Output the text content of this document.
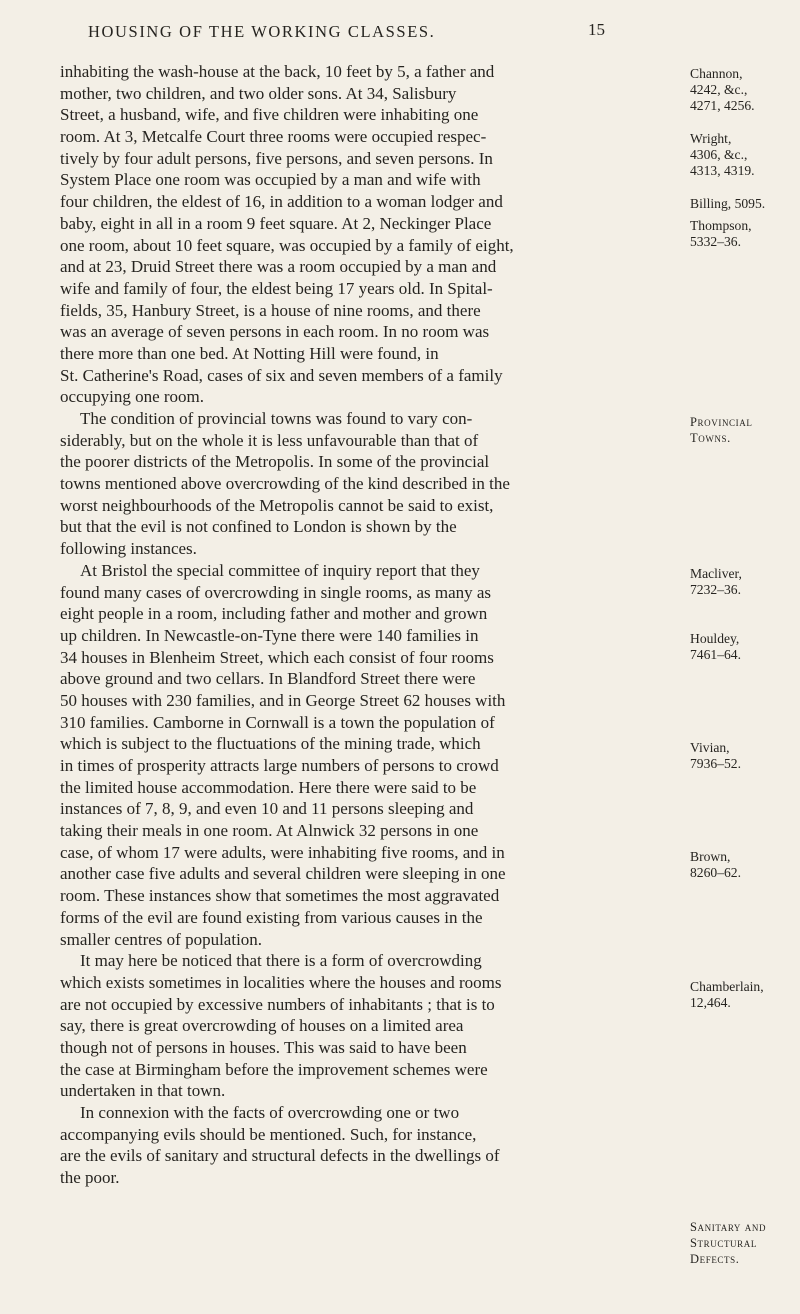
HOUSING OF THE WORKING CLASSES.	15
inhabiting the wash-house at the back, 10 feet by 5, a father and
mother, two children, and two older sons. At 34, Salisbury
Street, a husband, wife, and five children were inhabiting one
room. At 3, Metcalfe Court three rooms were occupied respec-
tively by four adult persons, five persons, and seven persons. In
System Place one room was occupied by a man and wife with
four children, the eldest of 16, in addition to a woman lodger and
baby, eight in all in a room 9 feet square. At 2, Neckinger Place
one room, about 10 feet square, was occupied by a family of eight,
and at 23, Druid Street there was a room occupied by a man and
wife and family of four, the eldest being 17 years old. In Spital-
fields, 35, Hanbury Street, is a house of nine rooms, and there
was an average of seven persons in each room. In no room was
there more than one bed. At Notting Hill were found, in
St. Catherine's Road, cases of six and seven members of a family
occupying one room.
The condition of provincial towns was found to vary con-
siderably, but on the whole it is less unfavourable than that of
the poorer districts of the Metropolis. In some of the provincial
towns mentioned above overcrowding of the kind described in the
worst neighbourhoods of the Metropolis cannot be said to exist,
but that the evil is not confined to London is shown by the
following instances.
At Bristol the special committee of inquiry report that they
found many cases of overcrowding in single rooms, as many as
eight people in a room, including father and mother and grown
up children. In Newcastle-on-Tyne there were 140 families in
34 houses in Blenheim Street, which each consist of four rooms
above ground and two cellars. In Blandford Street there were
50 houses with 230 families, and in George Street 62 houses with
310 families. Camborne in Cornwall is a town the population of
which is subject to the fluctuations of the mining trade, which
in times of prosperity attracts large numbers of persons to crowd
the limited house accommodation. Here there were said to be
instances of 7, 8, 9, and even 10 and 11 persons sleeping and
taking their meals in one room. At Alnwick 32 persons in one
case, of whom 17 were adults, were inhabiting five rooms, and in
another case five adults and several children were sleeping in one
room. These instances show that sometimes the most aggravated
forms of the evil are found existing from various causes in the
smaller centres of population.
It may here be noticed that there is a form of overcrowding
which exists sometimes in localities where the houses and rooms
are not occupied by excessive numbers of inhabitants ; that is to
say, there is great overcrowding of houses on a limited area
though not of persons in houses. This was said to have been
the case at Birmingham before the improvement schemes were
undertaken in that town.
In connexion with the facts of overcrowding one or two
accompanying evils should be mentioned. Such, for instance,
are the evils of sanitary and structural defects in the dwellings of
the poor.
Channon,
4242, &c.,
4271, 4256.
Wright,
4306, &c.,
4313, 4319.
Billing, 5095.
Thompson,
5332–36.
Provincial
Towns.
Macliver,
7232–36.
Houldey,
7461–64.
Vivian,
7936–52.
Brown,
8260–62.
Chamberlain,
12,464.
Sanitary and
Structural
Defects.
